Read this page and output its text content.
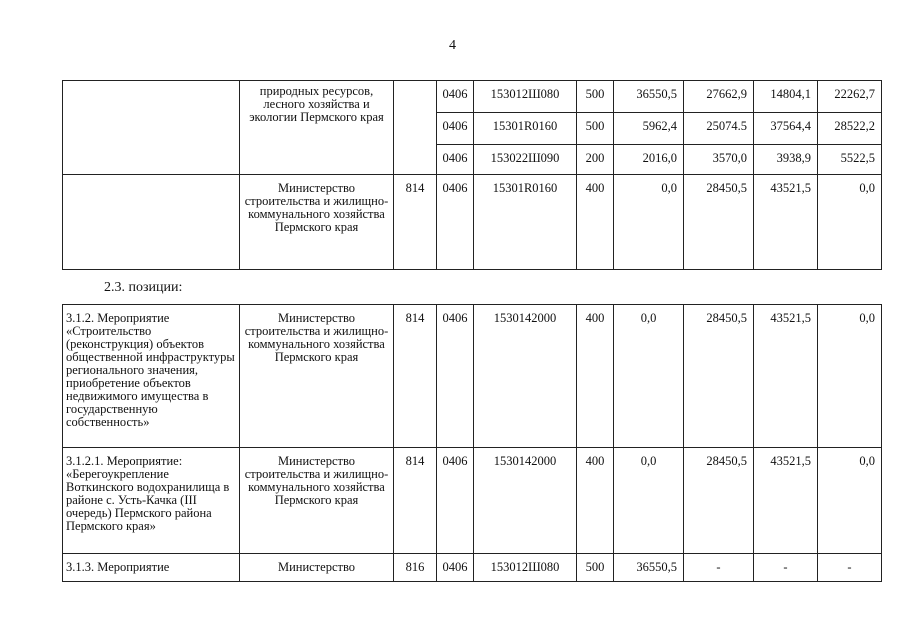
4
	природных ресурсов, лесного хозяйства и экологии Пермского края		0406	153012Ш080	500	36550,5	27662,9	14804,1	22262,7
			0406	15301R0160	500	5962,4	25074.5	37564,4	28522,2
			0406	153022Ш090	200	2016,0	3570,0	3938,9	5522,5
	Министерство строительства и жилищно-коммунального хозяйства Пермского края	814	0406	15301R0160	400	0,0	28450,5	43521,5	0,0
2.3. позиции:
3.1.2. Мероприятие «Строительство (реконструкция) объектов общественной инфраструктуры регионального значения, приобретение объектов недвижимого имущества в государственную собственность»	Министерство строительства и жилищно-коммунального хозяйства Пермского края	814	0406	1530142000	400	0,0	28450,5	43521,5	0,0
3.1.2.1. Мероприятие: «Берегоукрепление Воткинского водохранилища в районе с. Усть-Качка (III очередь) Пермского района Пермского края»	Министерство строительства и жилищно-коммунального хозяйства Пермского края	814	0406	1530142000	400	0,0	28450,5	43521,5	0,0
3.1.3. Мероприятие	Министерство	816	0406	153012Ш080	500	36550,5	-	-	-
